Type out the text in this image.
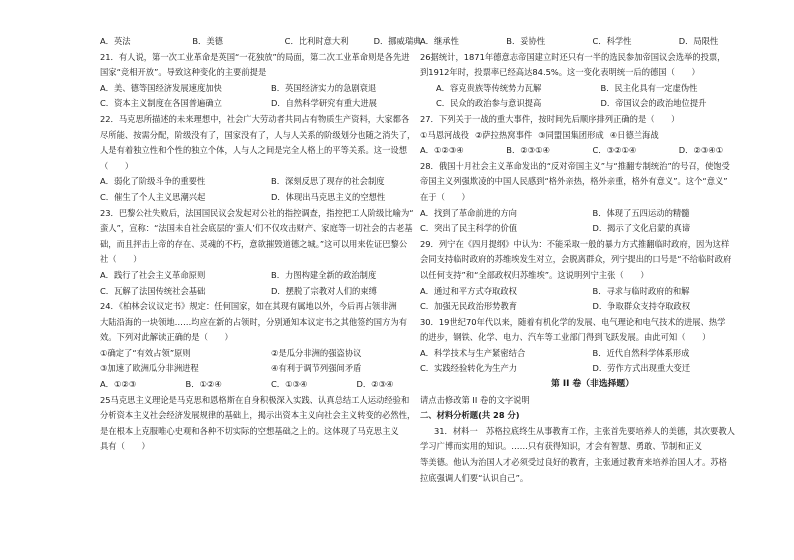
A．英法	B．美德	C．比利时意大利	D．挪威瑞典
21．有人说，第一次工业革命是英国“一花独放”的局面，第二次工业革命则是各先进
国家“竞相开放”。导致这种变化的主要前提是
A．美、德等国经济发展速度加快	B．英国经济实力的急剧衰退
C．资本主义制度在各国普遍确立	D．自然科学研究有重大进展
22．马克思所描述的未来理想中，社会广大劳动者共同占有物质生产资料，大家都各
尽所能、按需分配，阶级没有了，国家没有了，人与人关系的阶级划分也随之消失了，
人是有着独立性和个性的独立个体，人与人之间是完全人格上的平等关系。这一设想
（　　）
A．弱化了阶级斗争的重要性	B．深刻反思了现存的社会制度
C．催生了个人主义思潮兴起	D．体现出马克思主义的空想性
23．巴黎公社失败后，法国国民议会发起对公社的指控调查，指控把工人阶级比喻为“
蛮人”，宣称：“法国未自社会底层的‘蛮人’们不仅攻击财产、家庭等一切社会的古老基
础，而且抨击上帝的存在、灵魂的不朽，意欲摧毁道德之城。”这可以用来佐证巴黎公
社（　　）
A．践行了社会主义革命原则	B．力图构建全新的政治制度
C．瓦解了法国传统社会基础	D．摆脱了宗教对人们的束缚
24．《柏林会议议定书》规定：任何国家，如在其现有属地以外，今后再占领非洲
大陆沿海的一块领地……均应在新的占领时，分别通知本议定书之其他签约国方为有
效。下列对此解读正确的是（　　）
①确定了“有效占领”原则	②是瓜分非洲的强盗协议
③加速了欧洲瓜分非洲进程	④有利于调节列强间矛盾
A．①②③	B．①②④	C．①③④	D．②③④
25马克思主义理论是马克思和恩格斯在自身积极深入实践、认真总结工人运动经验和
分析资本主义社会经济发展规律的基础上，揭示出资本主义向社会主义转变的必然性，
是在根本上克服唯心史观和各种不切实际的空想基础之上的。这体现了马克思主义
具有（　　）
A．继承性	B．妥协性	C．科学性	D．局限性
26据统计，1871年德意志帝国建立时还只有一半的选民参加帝国议会选举的投票，
到1912年时，投票率已经高达84.5%。这一变化表明统一后的德国（　　）
A．容克贵族等传统势力瓦解	B．民主化具有一定虚伪性
C．民众的政治参与意识提高	D．帝国议会的政治地位提升
27．下列关于一战的重大事件，按时间先后顺序排列正确的是（　　）
①马恩河战役 ②萨拉热窝事件 ③同盟国集团形成 ④日德兰海战
A．①②③④	B．②③①④	C．③②①④	D．②③④①
28．俄国十月社会主义革命发出的“反对帝国主义”与“推翻专制统治”的号召，使饱受
帝国主义列强欺凌的中国人民感到“格外亲热，格外亲重，格外有意义”。这个“意义”
在于（　　）
A．找到了革命前进的方向	B．体现了五四运动的精髓
C．突出了民主科学的价值	D．揭示了文化启蒙的真谛
29．列宁在《四月提纲》中认为：不能采取一般的暴力方式推翻临时政府，因为这样
会同支持临时政府的苏维埃发生对立，会脱离群众，列宁提出的口号是“不给临时政府
以任何支持”和“全部政权归苏维埃”。这说明列宁主张（　　）
A．通过和平方式夺取政权	B．寻求与临时政府的和解
C．加强无民政治形势教育	D．争取群众支持夺取政权
30．19世纪70年代以来，随着有机化学的发展、电气理论和电气技术的进展、热学
的进步，钢铁、化学、电力、汽车等工业部门得到飞跃发展。由此可知（　　）
A．科学技术与生产紧密结合	B．近代自然科学体系形成
C．实践经验转化为生产力	D．劳作方式出现重大变迁
第 II 卷（非选择题）
请点击修改第 II 卷的文字说明
二、材料分析题(共 28 分)
31．材料一　苏格拉底终生从事教育工作，主张首先要培养人的美德，其次要教人
学习广博而实用的知识。……只有获得知识，才会有智慧、勇敢、节制和正义
等美德。他认为治国人才必须受过良好的教育，主张通过教育来培养治国人才。苏格
拉底强调人们要“认识自己”。
